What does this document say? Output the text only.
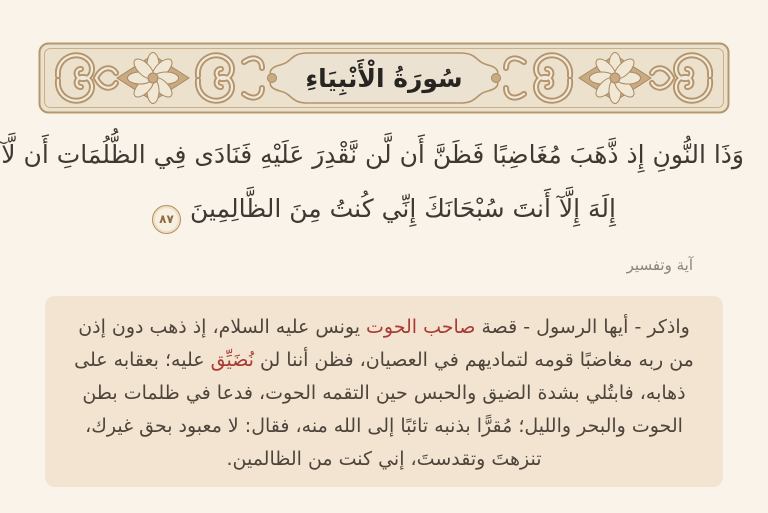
سُورَةُ الْأَنْبِيَاءِ
وَذَا النُّونِ إِذ ذَّهَبَ مُغَاضِبًا فَظَنَّ أَن لَّن نَّقْدِرَ عَلَيْهِ فَنَادَى فِي الظُّلُمَاتِ أَن لَّآ
إِلَهَ إِلَّآ أَنتَ سُبْحَانَكَ إِنِّي كُنتُ مِنَ الظَّالِمِينَ
٨٧
آية وتفسير

واذكر - أيها الرسول - قصة صاحب الحوت يونس عليه السلام، إذ ذهب دون إذن من ربه مغاضبًا قومه لتماديهم في العصيان، فظن أننا لن نُضَيِّق عليه؛ بعقابه على ذهابه، فابتُلي بشدة الضيق والحبس حين التقمه الحوت، فدعا في ظلمات بطن الحوت والبحر والليل؛ مُقرًّا بذنبه تائبًا إلى الله منه، فقال: لا معبود بحق غيرك، تنزهتَ وتقدستَ، إني كنت من الظالمين.
